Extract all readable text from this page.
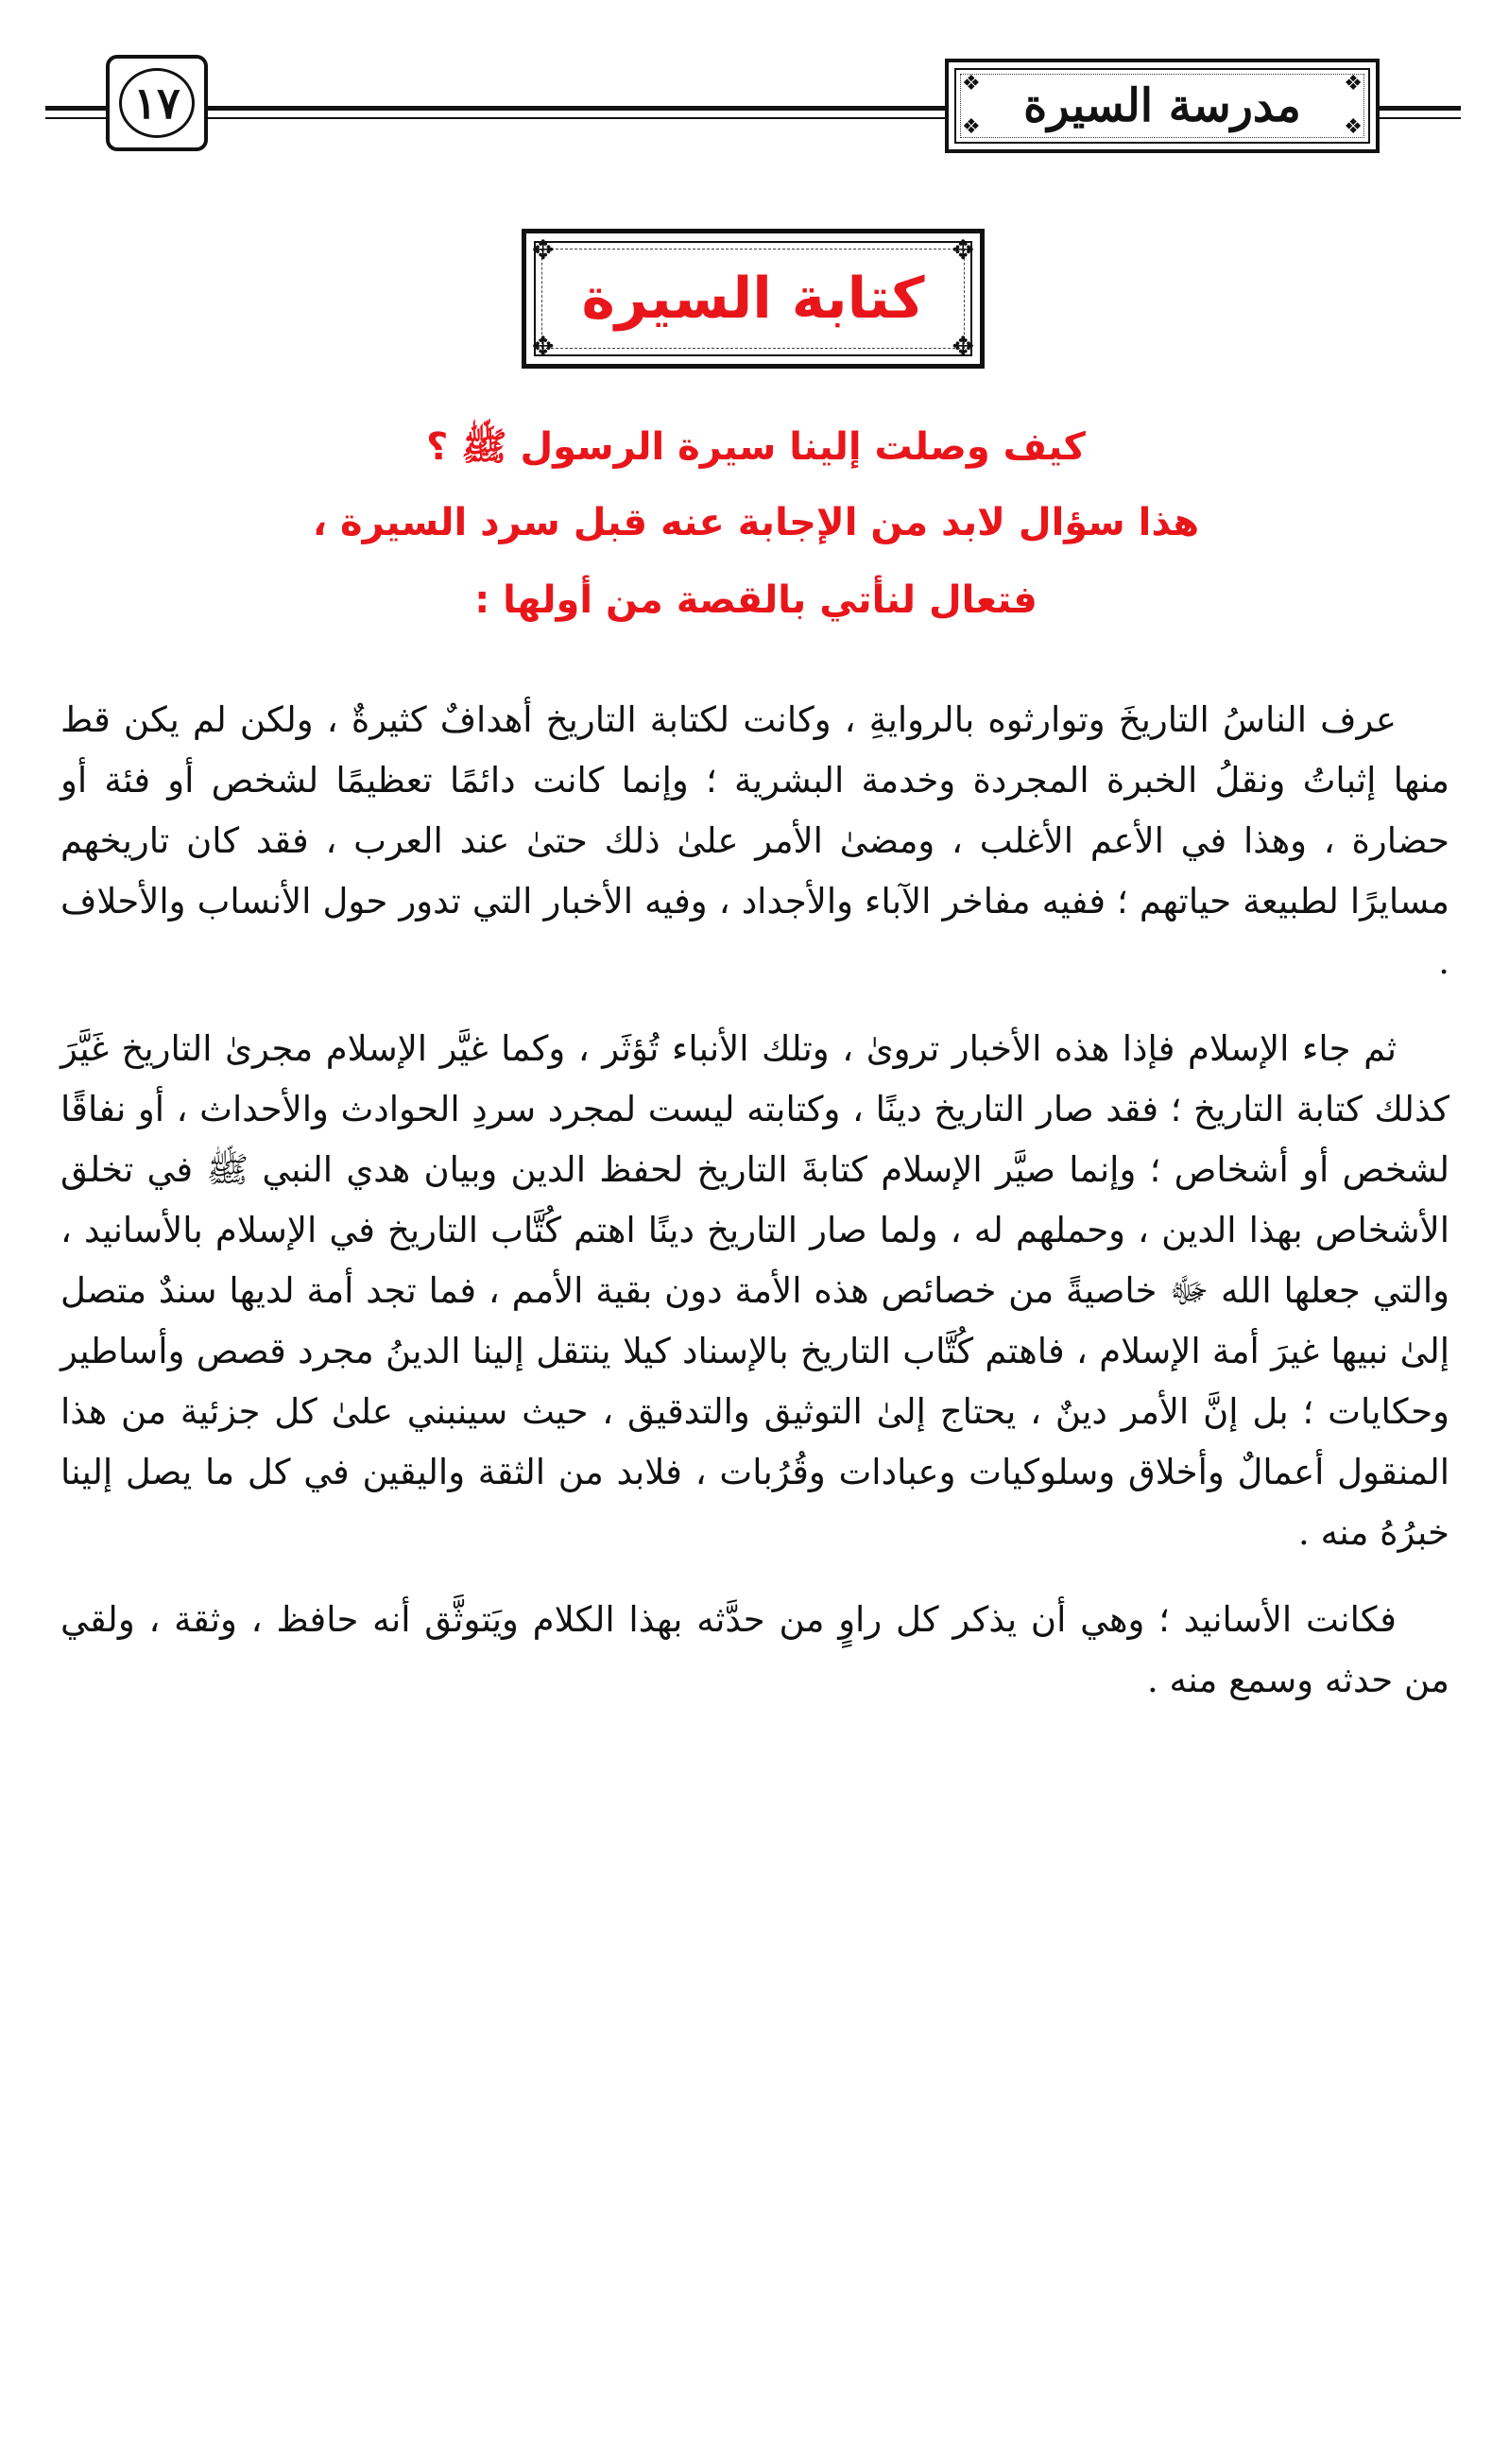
١٧	❖	❖
❖	❖
مدرسة السيرة
✥	✥
✥	✥
كتابة السيرة
كيف وصلت إلينا سيرة الرسول ﷺ ؟
هذا سؤال لابد من الإجابة عنه قبل سرد السيرة ،
فتعال لنأتي بالقصة من أولها :

عرف الناسُ التاريخَ وتوارثوه بالروايةِ ، وكانت لكتابة التاريخ أهدافٌ كثيرةٌ ، ولكن لم يكن قط منها إثباتُ ونقلُ الخبرة المجردة وخدمة البشرية ؛ وإنما كانت دائمًا تعظيمًا لشخص أو فئة أو حضارة ، وهذا في الأعم الأغلب ، ومضىٰ الأمر علىٰ ذلك حتىٰ عند العرب ، فقد كان تاريخهم مسايرًا لطبيعة حياتهم ؛ ففيه مفاخر الآباء والأجداد ، وفيه الأخبار التي تدور حول الأنساب والأحلاف .

ثم جاء الإسلام فإذا هذه الأخبار تروىٰ ، وتلك الأنباء تُؤثَر ، وكما غيَّر الإسلام مجرىٰ التاريخ غَيَّرَ كذلك كتابة التاريخ ؛ فقد صار التاريخ دينًا ، وكتابته ليست لمجرد سردِ الحوادث والأحداث ، أو نفاقًا لشخص أو أشخاص ؛ وإنما صيَّر الإسلام كتابةَ التاريخ لحفظ الدين وبيان هدي النبي ﷺ في تخلق الأشخاص بهذا الدين ، وحملهم له ، ولما صار التاريخ دينًا اهتم كُتَّاب التاريخ في الإسلام بالأسانيد ، والتي جعلها الله ﷻ خاصيةً من خصائص هذه الأمة دون بقية الأمم ، فما تجد أمة لديها سندٌ متصل إلىٰ نبيها غيرَ أمة الإسلام ، فاهتم كُتَّاب التاريخ بالإسناد كيلا ينتقل إلينا الدينُ مجرد قصص وأساطير وحكايات ؛ بل إنَّ الأمر دينٌ ، يحتاج إلىٰ التوثيق والتدقيق ، حيث سينبني علىٰ كل جزئية من هذا المنقول أعمالٌ وأخلاق وسلوكيات وعبادات وقُرُبات ، فلابد من الثقة واليقين في كل ما يصل إلينا خبرُهُ منه .

فكانت الأسانيد ؛ وهي أن يذكر كل راوٍ من حدَّثه بهذا الكلام ويَتوثَّق أنه حافظ ، وثقة ، ولقي من حدثه وسمع منه .
